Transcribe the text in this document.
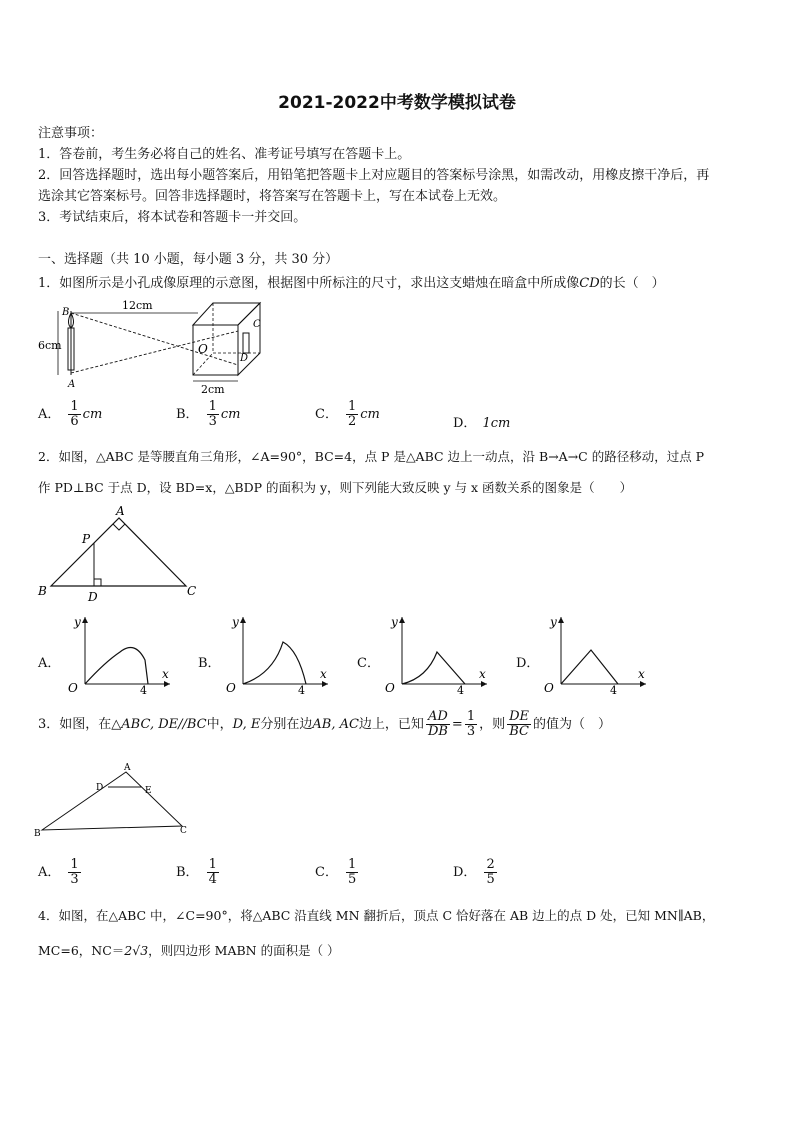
2021-2022中考数学模拟试卷
注意事项：
1．答卷前，考生务必将自己的姓名、准考证号填写在答题卡上。
2．回答选择题时，选出每小题答案后，用铅笔把答题卡上对应题目的答案标号涂黑，如需改动，用橡皮擦干净后，再
选涂其它答案标号。回答非选择题时，将答案写在答题卡上，写在本试卷上无效。
3．考试结束后，将本试卷和答题卡一并交回。
一、选择题（共 10 小题，每小题 3 分，共 30 分）
1．如图所示是小孔成像原理的示意图，根据图中所标注的尺寸，求出这支蜡烛在暗盒中所成像CD的长（　）
B
A
6cm
12cm
O
C
D
2cm
A． $\frac{1}{6}$ cm	B． $\frac{1}{3}$ cm	C． $\frac{1}{2}$ cm
D． 1cm
2．如图，△ABC 是等腰直角三角形，∠A=90°，BC=4，点 P 是△ABC 边上一动点，沿 B→A→C 的路径移动，过点 P
作 PD⊥BC 于点 D，设 BD=x，△BDP 的面积为 y，则下列能大致反映 y 与 x 函数关系的图象是（　　）
A
P
B	D	C
A．
y
x
O	4
B．
y
x
O	4
C．
y
x
O	4
D．
y
x
O	4
3．如图，在△ABC, DE//BC中，D, E分别在边AB, AC边上，已知 $\frac{AD}{DB} = \frac{1}{3}$ ，则 $\frac{DE}{BC}$ 的值为（　）
A
D	E
B	C
A． $\frac{1}{3}$	B． $\frac{1}{4}$	C． $\frac{1}{5}$	D． $\frac{2}{5}$
4．如图，在△ABC 中，∠C=90°，将△ABC 沿直线 MN 翻折后，顶点 C 恰好落在 AB 边上的点 D 处，已知 MN∥AB，
MC=6，NC＝2√3，则四边形 MABN 的面积是（ ）
